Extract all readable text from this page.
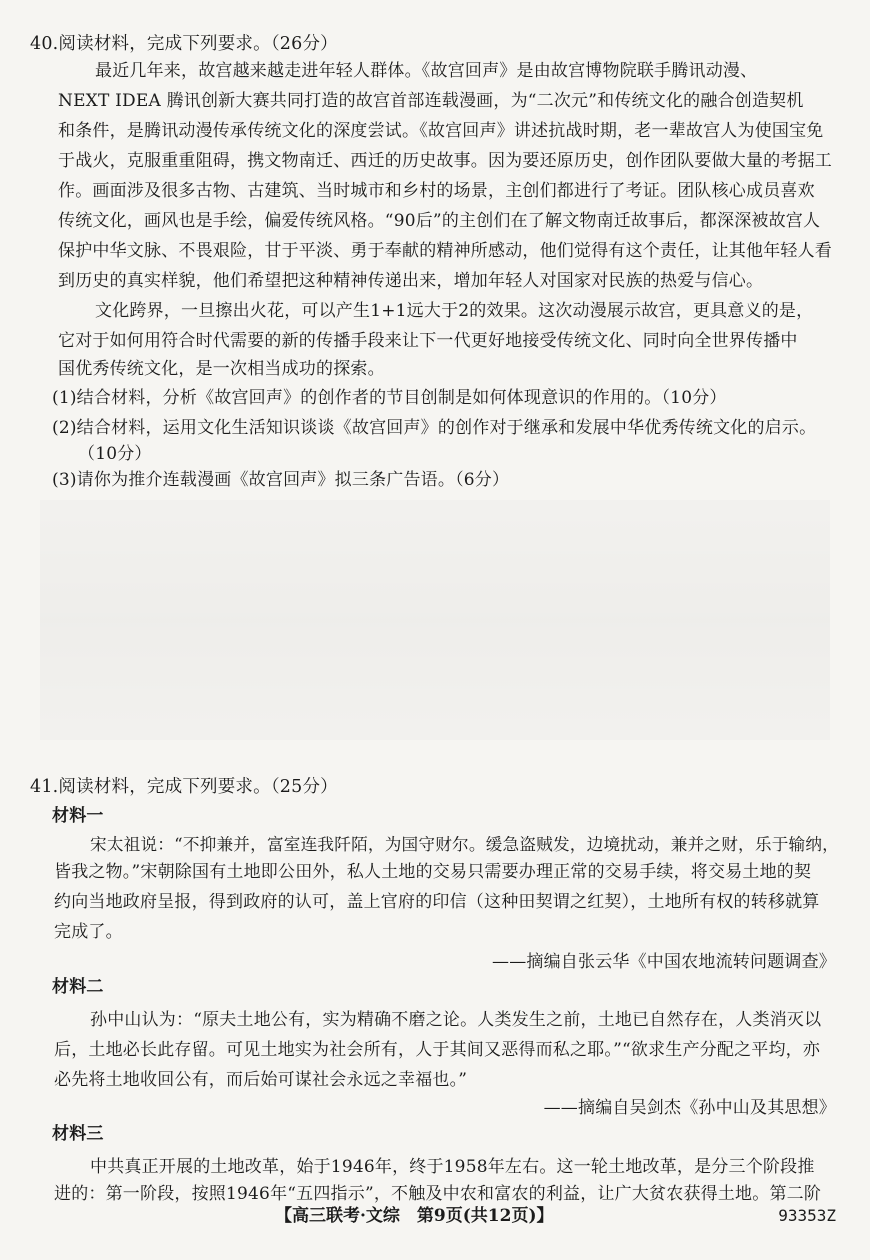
40.阅读材料，完成下列要求。（26分）

最近几年来，故宫越来越走进年轻人群体。《故宫回声》是由故宫博物院联手腾讯动漫、

NEXT IDEA 腾讯创新大赛共同打造的故宫首部连载漫画，为“二次元”和传统文化的融合创造契机

和条件，是腾讯动漫传承传统文化的深度尝试。《故宫回声》讲述抗战时期，老一辈故宫人为使国宝免

于战火，克服重重阻碍，携文物南迁、西迁的历史故事。因为要还原历史，创作团队要做大量的考据工

作。画面涉及很多古物、古建筑、当时城市和乡村的场景，主创们都进行了考证。团队核心成员喜欢

传统文化，画风也是手绘，偏爱传统风格。“90后”的主创们在了解文物南迁故事后，都深深被故宫人

保护中华文脉、不畏艰险，甘于平淡、勇于奉献的精神所感动，他们觉得有这个责任，让其他年轻人看

到历史的真实样貌，他们希望把这种精神传递出来，增加年轻人对国家对民族的热爱与信心。

文化跨界，一旦擦出火花，可以产生1+1远大于2的效果。这次动漫展示故宫，更具意义的是，

它对于如何用符合时代需要的新的传播手段来让下一代更好地接受传统文化、同时向全世界传播中

国优秀传统文化，是一次相当成功的探索。

(1)结合材料，分析《故宫回声》的创作者的节目创制是如何体现意识的作用的。（10分）

(2)结合材料，运用文化生活知识谈谈《故宫回声》的创作对于继承和发展中华优秀传统文化的启示。

（10分）

(3)请你为推介连载漫画《故宫回声》拟三条广告语。（6分）

41.阅读材料，完成下列要求。（25分）

材料一

宋太祖说：“不抑兼并，富室连我阡陌，为国守财尔。缓急盗贼发，边境扰动，兼并之财，乐于输纳，

皆我之物。”宋朝除国有土地即公田外，私人土地的交易只需要办理正常的交易手续，将交易土地的契

约向当地政府呈报，得到政府的认可，盖上官府的印信（这种田契谓之红契），土地所有权的转移就算

完成了。

——摘编自张云华《中国农地流转问题调查》

材料二

孙中山认为：“原夫土地公有，实为精确不磨之论。人类发生之前，土地已自然存在，人类消灭以

后，土地必长此存留。可见土地实为社会所有，人于其间又恶得而私之耶。”“欲求生产分配之平均，亦

必先将土地收回公有，而后始可谋社会永远之幸福也。”

——摘编自吴剑杰《孙中山及其思想》

材料三

中共真正开展的土地改革，始于1946年，终于1958年左右。这一轮土地改革，是分三个阶段推

进的：第一阶段，按照1946年“五四指示”，不触及中农和富农的利益，让广大贫农获得土地。第二阶

【高三联考·文综　第9页(共12页)】	93353Z
